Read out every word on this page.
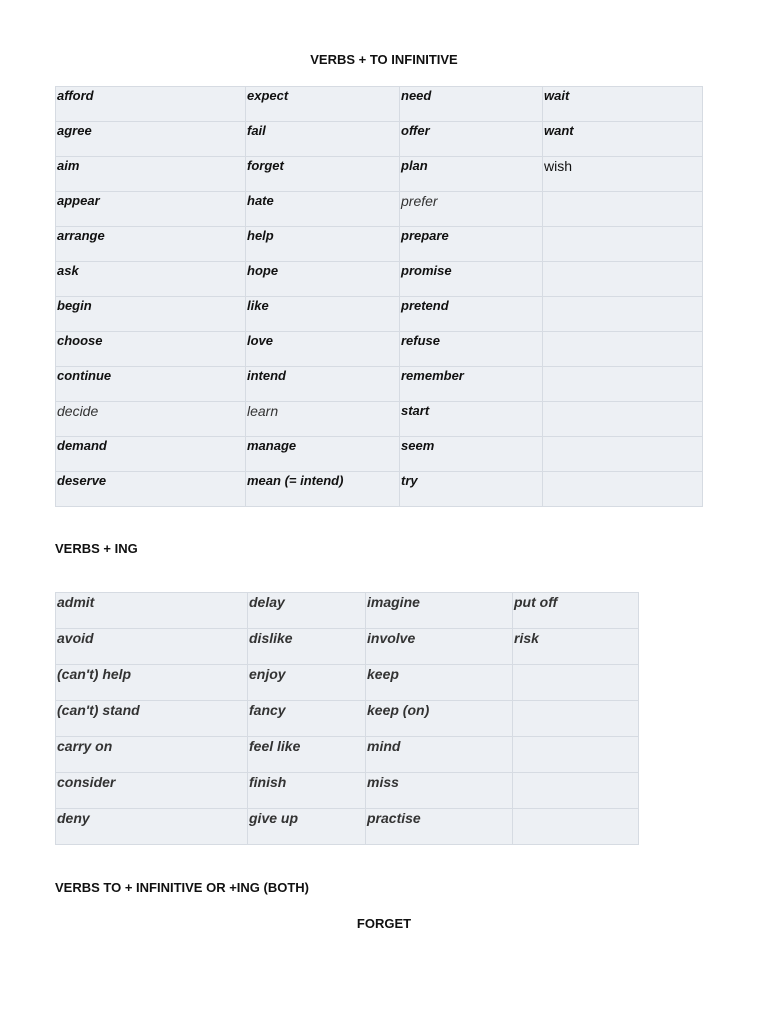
VERBS + TO INFINITIVE
afford	expect	need	wait
agree	fail	offer	want
aim	forget	plan	wish
appear	hate	prefer	
arrange	help	prepare	
ask	hope	promise	
begin	like	pretend	
choose	love	refuse	
continue	intend	remember	
decide	learn	start	
demand	manage	seem	
deserve	mean (= intend)	try	
VERBS + ING
admit	delay	imagine	put off
avoid	dislike	involve	risk
(can't) help	enjoy	keep	
(can't) stand	fancy	keep (on)	
carry on	feel like	mind	
consider	finish	miss	
deny	give up	practise	
VERBS TO + INFINITIVE OR +ING (BOTH)
FORGET
